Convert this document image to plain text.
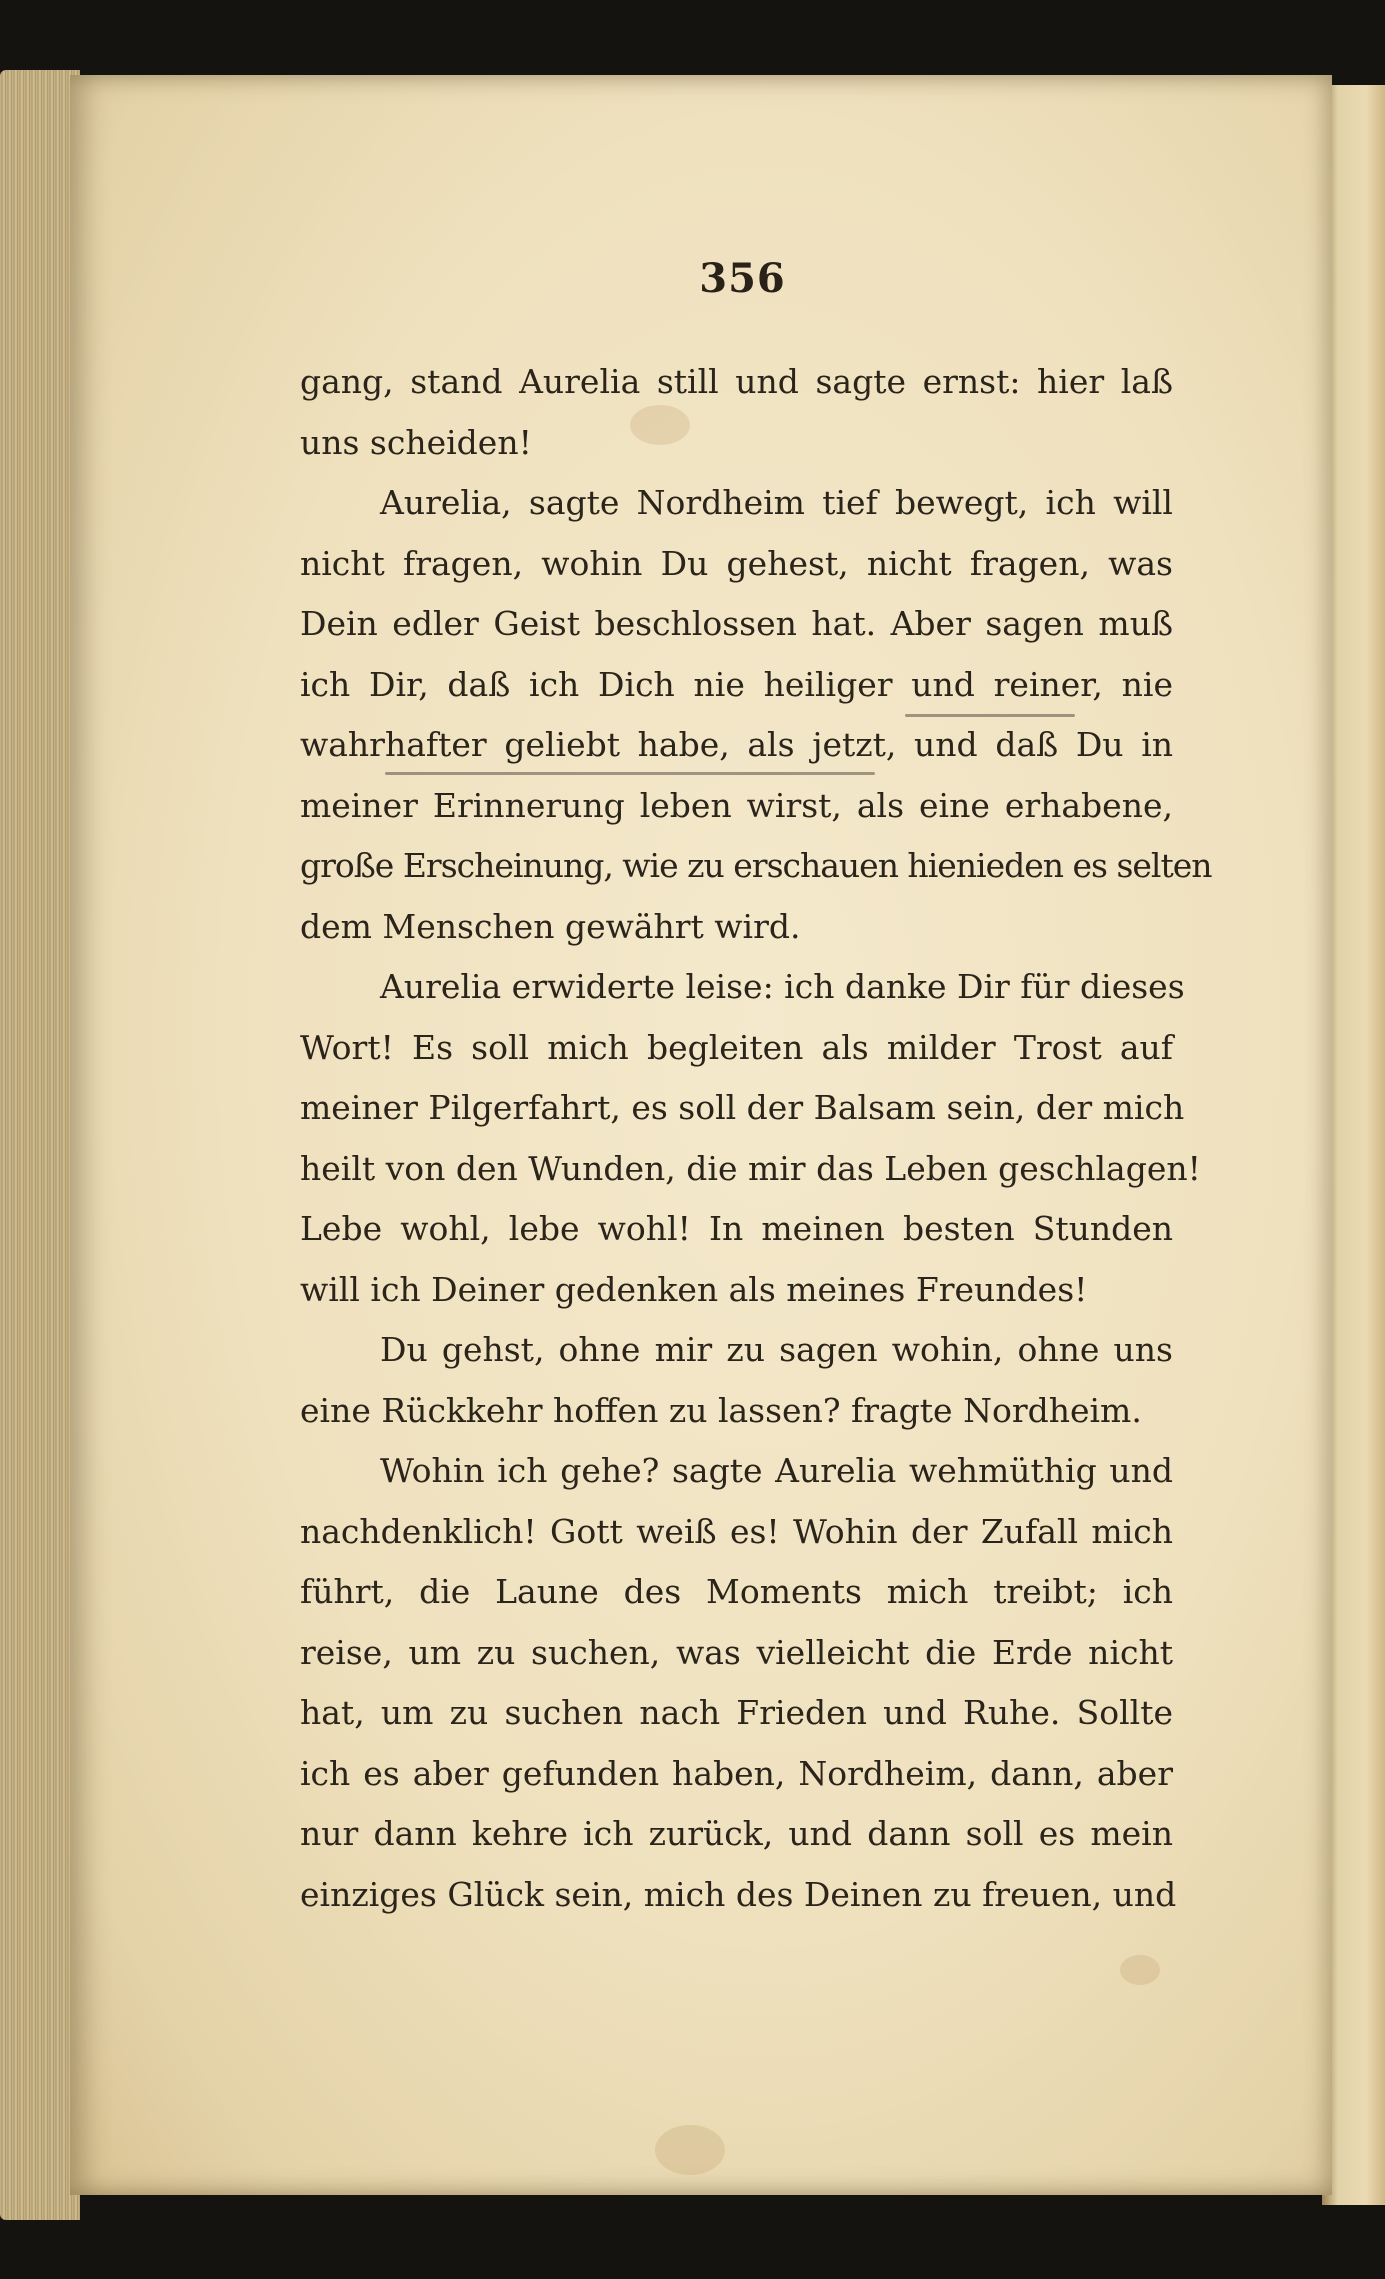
356
gang, stand Aurelia still und sagte ernst: hier laß
uns scheiden!
Aurelia, sagte Nordheim tief bewegt, ich will
nicht fragen, wohin Du gehest, nicht fragen, was
Dein edler Geist beschlossen hat. Aber sagen muß
ich Dir, daß ich Dich nie heiliger und reiner, nie
wahrhafter geliebt habe, als jetzt, und daß Du in
meiner Erinnerung leben wirst, als eine erhabene,
große Erscheinung, wie zu erschauen hienieden es selten
dem Menschen gewährt wird.
Aurelia erwiderte leise: ich danke Dir für dieses
Wort! Es soll mich begleiten als milder Trost auf
meiner Pilgerfahrt, es soll der Balsam sein, der mich
heilt von den Wunden, die mir das Leben geschlagen!
Lebe wohl, lebe wohl! In meinen besten Stunden
will ich Deiner gedenken als meines Freundes!
Du gehst, ohne mir zu sagen wohin, ohne uns
eine Rückkehr hoffen zu lassen? fragte Nordheim.
Wohin ich gehe? sagte Aurelia wehmüthig und
nachdenklich! Gott weiß es! Wohin der Zufall mich
führt, die Laune des Moments mich treibt; ich
reise, um zu suchen, was vielleicht die Erde nicht
hat, um zu suchen nach Frieden und Ruhe. Sollte
ich es aber gefunden haben, Nordheim, dann, aber
nur dann kehre ich zurück, und dann soll es mein
einziges Glück sein, mich des Deinen zu freuen, und
